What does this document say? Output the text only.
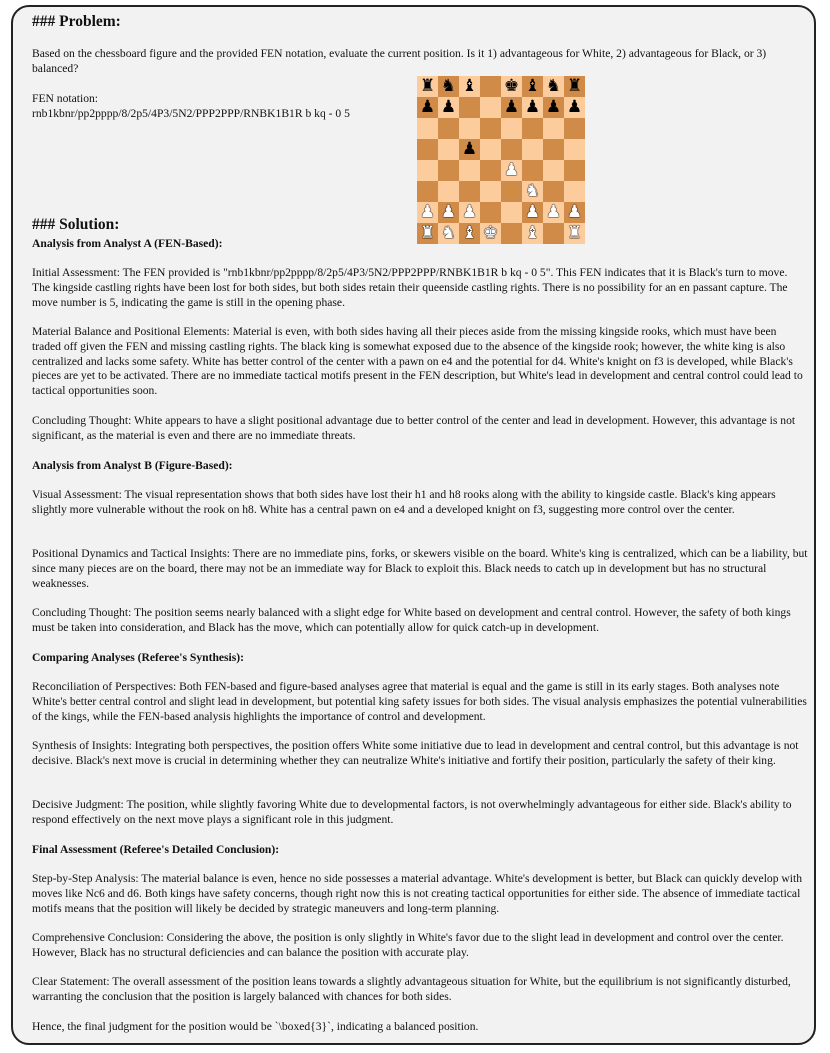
### Problem:

Based on the chessboard figure and the provided FEN notation, evaluate the current position. Is it 1) advantageous for White, 2) advantageous for Black, or 3) balanced?

FEN notation:

rnb1kbnr/pp2pppp/8/2p5/4P3/5N2/PPP2PPP/RNBK1B1R b kq - 0 5

♜ ♞ ♝ ♚ ♝ ♞ ♜
♟ ♟	♟ ♟ ♟ ♟
♟
♟
♞
♟ ♟ ♟	♟ ♟ ♟
♜ ♞ ♝ ♚ ♝ ♜
### Solution:

Analysis from Analyst A (FEN-Based):

Initial Assessment: The FEN provided is "rnb1kbnr/pp2pppp/8/2p5/4P3/5N2/PPP2PPP/RNBK1B1R b kq - 0 5". This FEN indicates that it is Black's turn to move. The kingside castling rights have been lost for both sides, but both sides retain their queenside castling rights. There is no possibility for an en passant capture. The move number is 5, indicating the game is still in the opening phase.

Material Balance and Positional Elements: Material is even, with both sides having all their pieces aside from the missing kingside rooks, which must have been traded off given the FEN and missing castling rights. The black king is somewhat exposed due to the absence of the kingside rook; however, the white king is also centralized and lacks some safety. White has better control of the center with a pawn on e4 and the potential for d4. White's knight on f3 is developed, while Black's pieces are yet to be activated. There are no immediate tactical motifs present in the FEN description, but White's lead in development and central control could lead to tactical opportunities soon.

Concluding Thought: White appears to have a slight positional advantage due to better control of the center and lead in development. However, this advantage is not significant, as the material is even and there are no immediate threats.

Analysis from Analyst B (Figure-Based):

Visual Assessment: The visual representation shows that both sides have lost their h1 and h8 rooks along with the ability to kingside castle. Black's king appears slightly more vulnerable without the rook on h8. White has a central pawn on e4 and a developed knight on f3, suggesting more control over the center.

Positional Dynamics and Tactical Insights: There are no immediate pins, forks, or skewers visible on the board. White's king is centralized, which can be a liability, but since many pieces are on the board, there may not be an immediate way for Black to exploit this. Black needs to catch up in development but has no structural weaknesses.

Concluding Thought: The position seems nearly balanced with a slight edge for White based on development and central control. However, the safety of both kings must be taken into consideration, and Black has the move, which can potentially allow for quick catch-up in development.

Comparing Analyses (Referee's Synthesis):

Reconciliation of Perspectives: Both FEN-based and figure-based analyses agree that material is equal and the game is still in its early stages. Both analyses note White's better central control and slight lead in development, but potential king safety issues for both sides. The visual analysis emphasizes the potential vulnerabilities of the kings, while the FEN-based analysis highlights the importance of control and development.

Synthesis of Insights: Integrating both perspectives, the position offers White some initiative due to lead in development and central control, but this advantage is not decisive. Black's next move is crucial in determining whether they can neutralize White's initiative and fortify their position, particularly the safety of their king.

Decisive Judgment: The position, while slightly favoring White due to developmental factors, is not overwhelmingly advantageous for either side. Black's ability to respond effectively on the next move plays a significant role in this judgment.

Final Assessment (Referee's Detailed Conclusion):

Step-by-Step Analysis: The material balance is even, hence no side possesses a material advantage. White's development is better, but Black can quickly develop with moves like Nc6 and d6. Both kings have safety concerns, though right now this is not creating tactical opportunities for either side. The absence of immediate tactical motifs means that the position will likely be decided by strategic maneuvers and long-term planning.

Comprehensive Conclusion: Considering the above, the position is only slightly in White's favor due to the slight lead in development and control over the center. However, Black has no structural deficiencies and can balance the position with accurate play.

Clear Statement: The overall assessment of the position leans towards a slightly advantageous situation for White, but the equilibrium is not significantly disturbed, warranting the conclusion that the position is largely balanced with chances for both sides.

Hence, the final judgment for the position would be `\boxed{3}`, indicating a balanced position.
